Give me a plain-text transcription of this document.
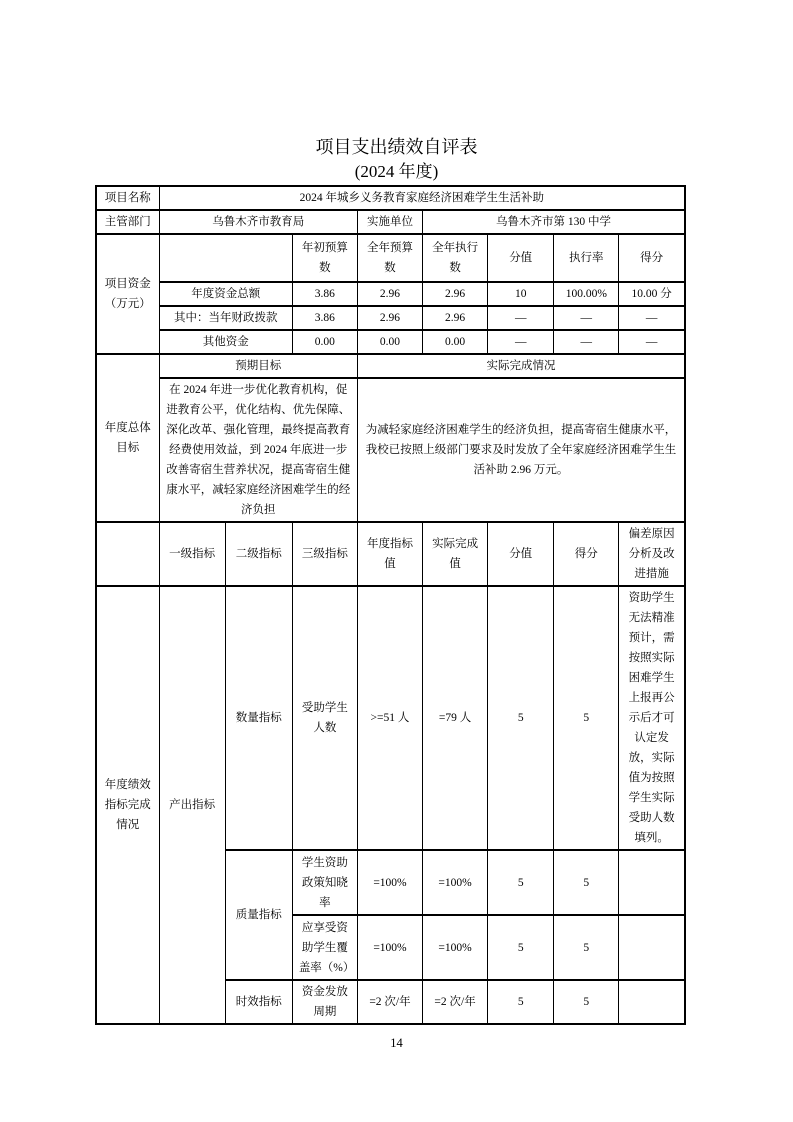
项目支出绩效自评表
(2024 年度)
项目名称	2024 年城乡义务教育家庭经济困难学生生活补助							
主管部门	乌鲁木齐市教育局			实施单位	乌鲁木齐市第 130 中学			

项目资金
（万元）			年初预算数	全年预算数	全年执行数	分值	执行率	得分
	年度资金总额		3.86	2.96	2.96	10	100.00%	10.00 分
	其中：当年财政拨款		3.86	2.96	2.96	—	—	—
	其他资金		0.00	0.00	0.00	—	—	—

年度总体
目标	预期目标			实际完成情况				
	在 2024 年进一步优化教育机构，促进教育公平，优化结构、优先保障、深化改革、强化管理，最终提高教育经费使用效益，到 2024 年底进一步改善寄宿生营养状况，提高寄宿生健康水平，减轻家庭经济困难学生的经济负担			为减轻家庭经济困难学生的经济负担，提高寄宿生健康水平，我校已按照上级部门要求及时发放了全年家庭经济困难学生生活补助 2.96 万元。				
	一级指标	二级指标	三级指标	年度指标值	实际完成值	分值	得分	偏差原因分析及改进措施

年度绩效
指标完成
情况	产出指标	数量指标	受助学生人数	>=51 人	=79 人	5	5	资助学生无法精准预计，需按照实际困难学生上报再公示后才可认定发放，实际值为按照学生实际受助人数填列。
		质量指标	学生资助政策知晓率	=100%	=100%	5	5	
			应享受资助学生覆盖率（%）	=100%	=100%	5	5	
		时效指标	资金发放周期	=2 次/年	=2 次/年	5	5	
14
